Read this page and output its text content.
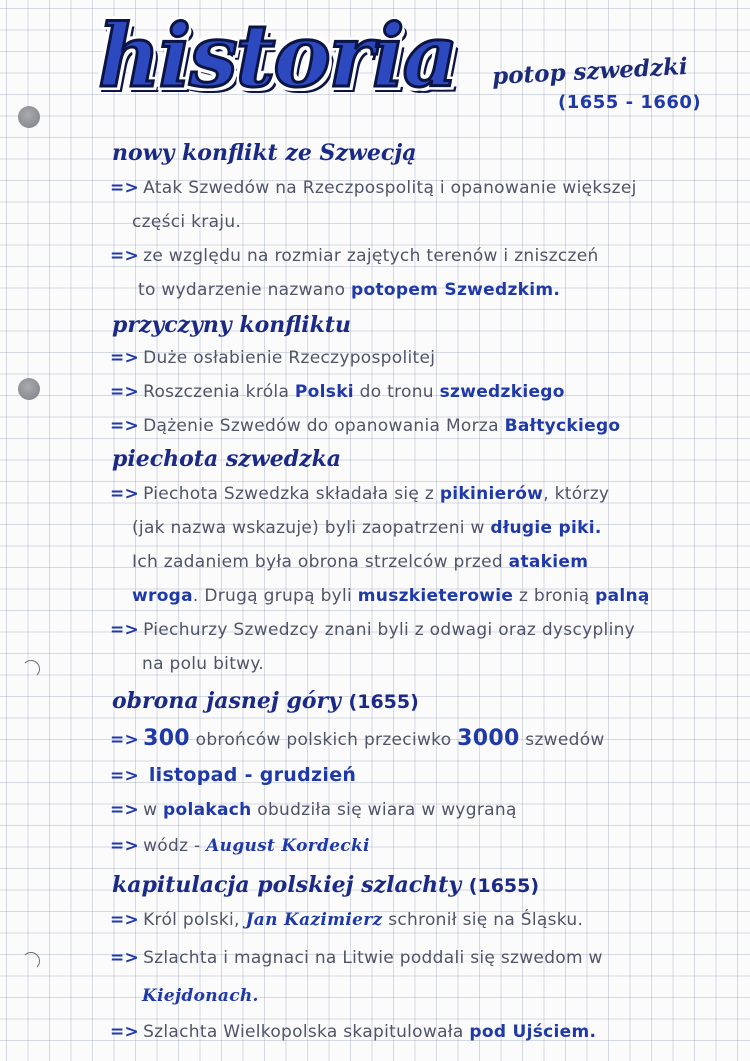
historia potop szwedzki
(1655 - 1660)
nowy konflikt ze Szwecją
=> Atak Szwedów na Rzeczpospolitą i opanowanie większej
części kraju.
=> ze względu na rozmiar zajętych terenów i zniszczeń
to wydarzenie nazwano potopem Szwedzkim.
przyczyny konfliktu
=> Duże osłabienie Rzeczypospolitej
=> Roszczenia króla Polski do tronu szwedzkiego
=> Dążenie Szwedów do opanowania Morza Bałtyckiego
piechota szwedzka
=> Piechota Szwedzka składała się z pikinierów, którzy
(jak nazwa wskazuje) byli zaopatrzeni w długie piki.
Ich zadaniem była obrona strzelców przed atakiem
wroga. Drugą grupą byli muszkieterowie z bronią palną
=> Piechurzy Szwedzcy znani byli z odwagi oraz dyscypliny
na polu bitwy.
obrona jasnej góry (1655)
=> 300 obrońców polskich przeciwko 3000 szwedów
=> listopad - grudzień
=> w polakach obudziła się wiara w wygraną
=> wódz - August Kordecki
kapitulacja polskiej szlachty (1655)
=> Król polski, Jan Kazimierz schronił się na Śląsku.
=> Szlachta i magnaci na Litwie poddali się szwedom w
Kiejdonach.
=> Szlachta Wielkopolska skapitulowała pod Ujściem.
